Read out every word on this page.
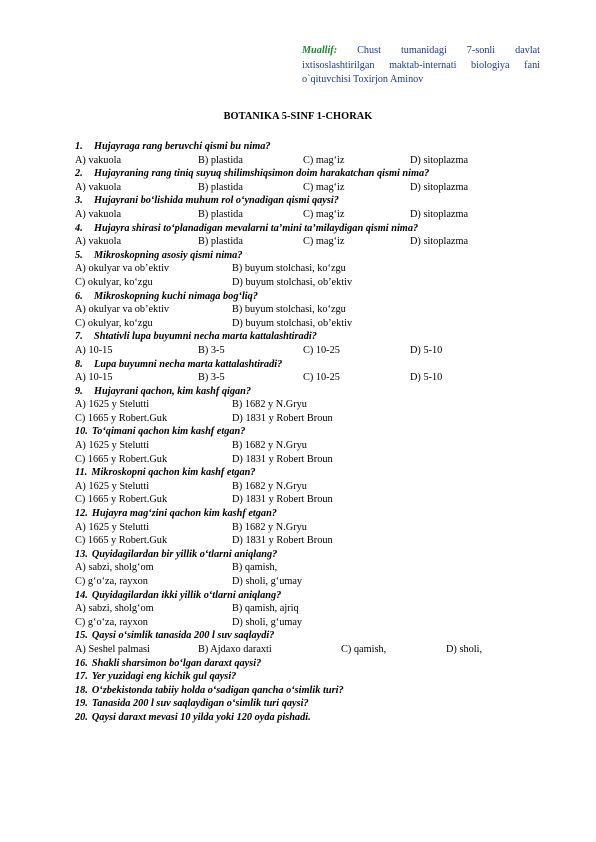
Muallif: Chust tumanidagi 7-sonli davlat ixtisoslashtirilgan maktab-internati biologiya fani o`qituvchisi Toxirjon Aminov
BOTANIKA 5-SINF 1-CHORAK
1. Hujayraga rang beruvchi qismi bu nima?
A) vakuola	B) plastida	C) mag‘iz	D) sitoplazma
2. Hujayraning rang tiniq suyuq shilimshiqsimon doim harakatchan qismi nima?
A) vakuola	B) plastida	C) mag‘iz	D) sitoplazma
3. Hujayrani bo‘lishida muhum rol o‘ynadigan qismi qaysi?
A) vakuola	B) plastida	C) mag‘iz	D) sitoplazma
4. Hujayra shirasi to‘planadigan mevalarni ta’mini ta’milaydigan qismi nima?
A) vakuola	B) plastida	C) mag‘iz	D) sitoplazma
5. Mikroskopning asosiy qismi nima?
A) okulyar va ob’ektiv	B) buyum stolchasi, ko‘zgu
C) okulyar, ko‘zgu	D) buyum stolchasi, ob’ektiv
6. Mikroskopning kuchi nimaga bog‘liq?
A) okulyar va ob’ektiv	B) buyum stolchasi, ko‘zgu
C) okulyar, ko‘zgu	D) buyum stolchasi, ob’ektiv
7. Shtativli lupa buyumni necha marta kattalashtiradi?
A) 10-15	B) 3-5	C) 10-25	D) 5-10
8. Lupa buyumni necha marta kattalashtiradi?
A) 10-15	B) 3-5	C) 10-25	D) 5-10
9. Hujayrani qachon, kim kashf qigan?
A) 1625 y Stelutti	B) 1682 y N.Gryu
C) 1665 y Robert.Guk	D) 1831 y Robert Broun
10. To‘qimani qachon kim kashf etgan?
A) 1625 y Stelutti	B) 1682 y N.Gryu
C) 1665 y Robert.Guk	D) 1831 y Robert Broun
11. Mikroskopni qachon kim kashf etgan?
A) 1625 y Stelutti	B) 1682 y N.Gryu
C) 1665 y Robert.Guk	D) 1831 y Robert Broun
12. Hujayra mag‘zini qachon kim kashf etgan?
A) 1625 y Stelutti	B) 1682 y N.Gryu
C) 1665 y Robert.Guk	D) 1831 y Robert Broun
13. Quyidagilardan bir yillik o‘tlarni aniqlang?
A) sabzi, sholg‘om	B) qamish,
C) g‘o‘za, rayxon	D) sholi, g‘umay
14. Quyidagilardan ikki yillik o‘tlarni aniqlang?
A) sabzi, sholg‘om	B) qamish, ajriq
C) g‘o‘za, rayxon	D) sholi, g‘umay
15. Qaysi o‘simlik tanasida 200 l suv saqlaydi?
A) Seshel palmasi	B) Ajdaxo daraxti	C) qamish,	D) sholi,
16. Shakli sharsimon bo‘lgan daraxt qaysi?
17. Yer yuzidagi eng kichik gul qaysi?
18. O‘zbekistonda tabiiy holda o‘sadigan qancha o‘simlik turi?
19. Tanasida 200 l suv saqlaydigan o‘simlik turi qaysi?
20. Qaysi daraxt mevasi 10 yilda yoki 120 oyda pishadi.
